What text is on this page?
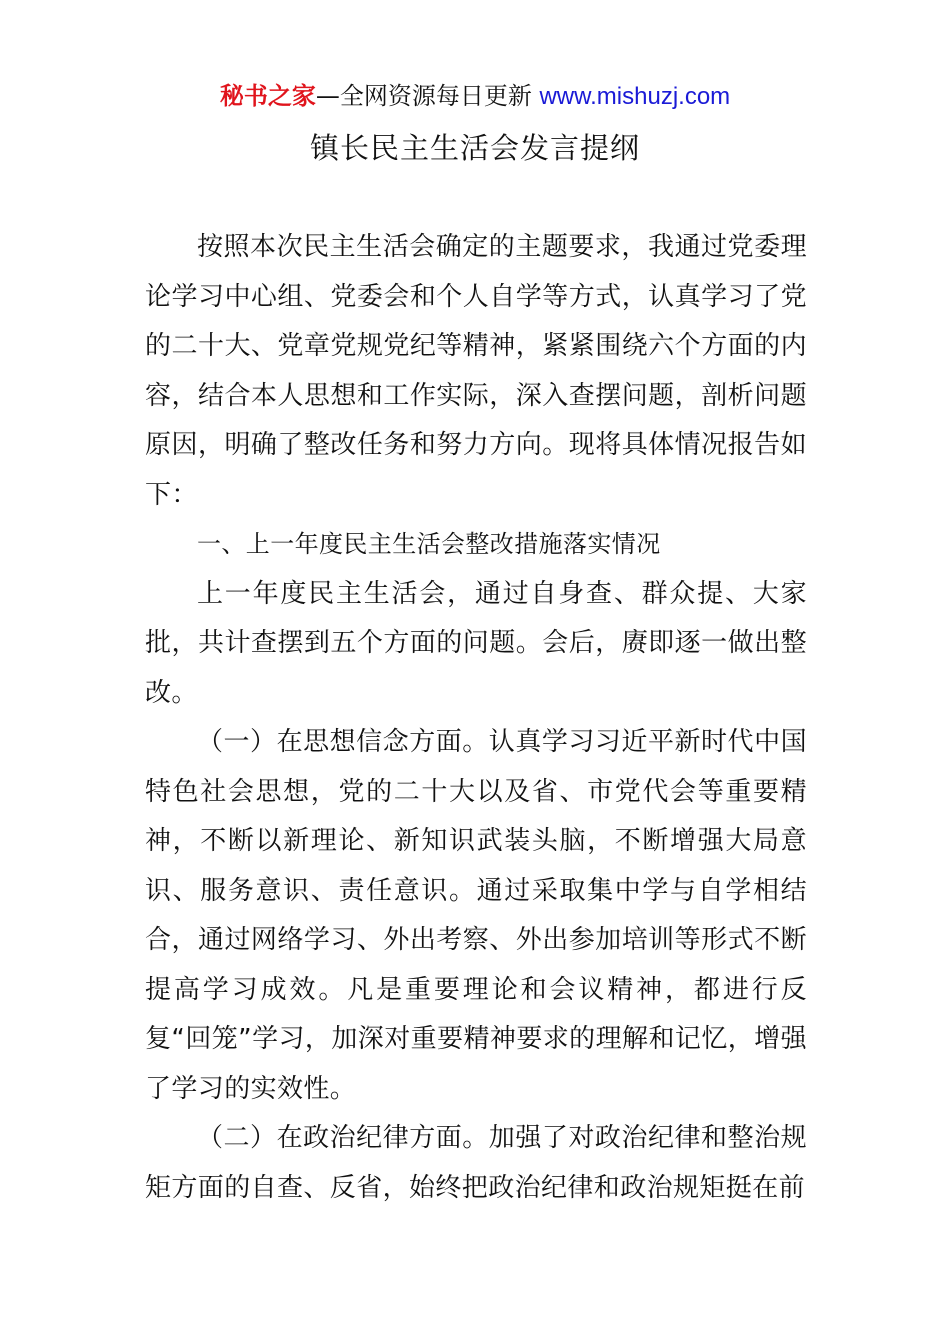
秘书之家—全网资源每日更新 www.mishuzj.com
镇长民主生活会发言提纲

按照本次民主生活会确定的主题要求，我通过党委理论学习中心组、党委会和个人自学等方式，认真学习了党的二十大、党章党规党纪等精神，紧紧围绕六个方面的内容，结合本人思想和工作实际，深入查摆问题，剖析问题原因，明确了整改任务和努力方向。现将具体情况报告如下：

一、上一年度民主生活会整改措施落实情况

上一年度民主生活会，通过自身查、群众提、大家批，共计查摆到五个方面的问题。会后，赓即逐一做出整改。

（一）在思想信念方面。认真学习习近平新时代中国特色社会思想，党的二十大以及省、市党代会等重要精神，不断以新理论、新知识武装头脑，不断增强大局意识、服务意识、责任意识。通过采取集中学与自学相结合，通过网络学习、外出考察、外出参加培训等形式不断提高学习成效。凡是重要理论和会议精神，都进行反复“回笼”学习，加深对重要精神要求的理解和记忆，增强了学习的实效性。

（二）在政治纪律方面。加强了对政治纪律和整治规矩方面的自查、反省，始终把政治纪律和政治规矩挺在前
